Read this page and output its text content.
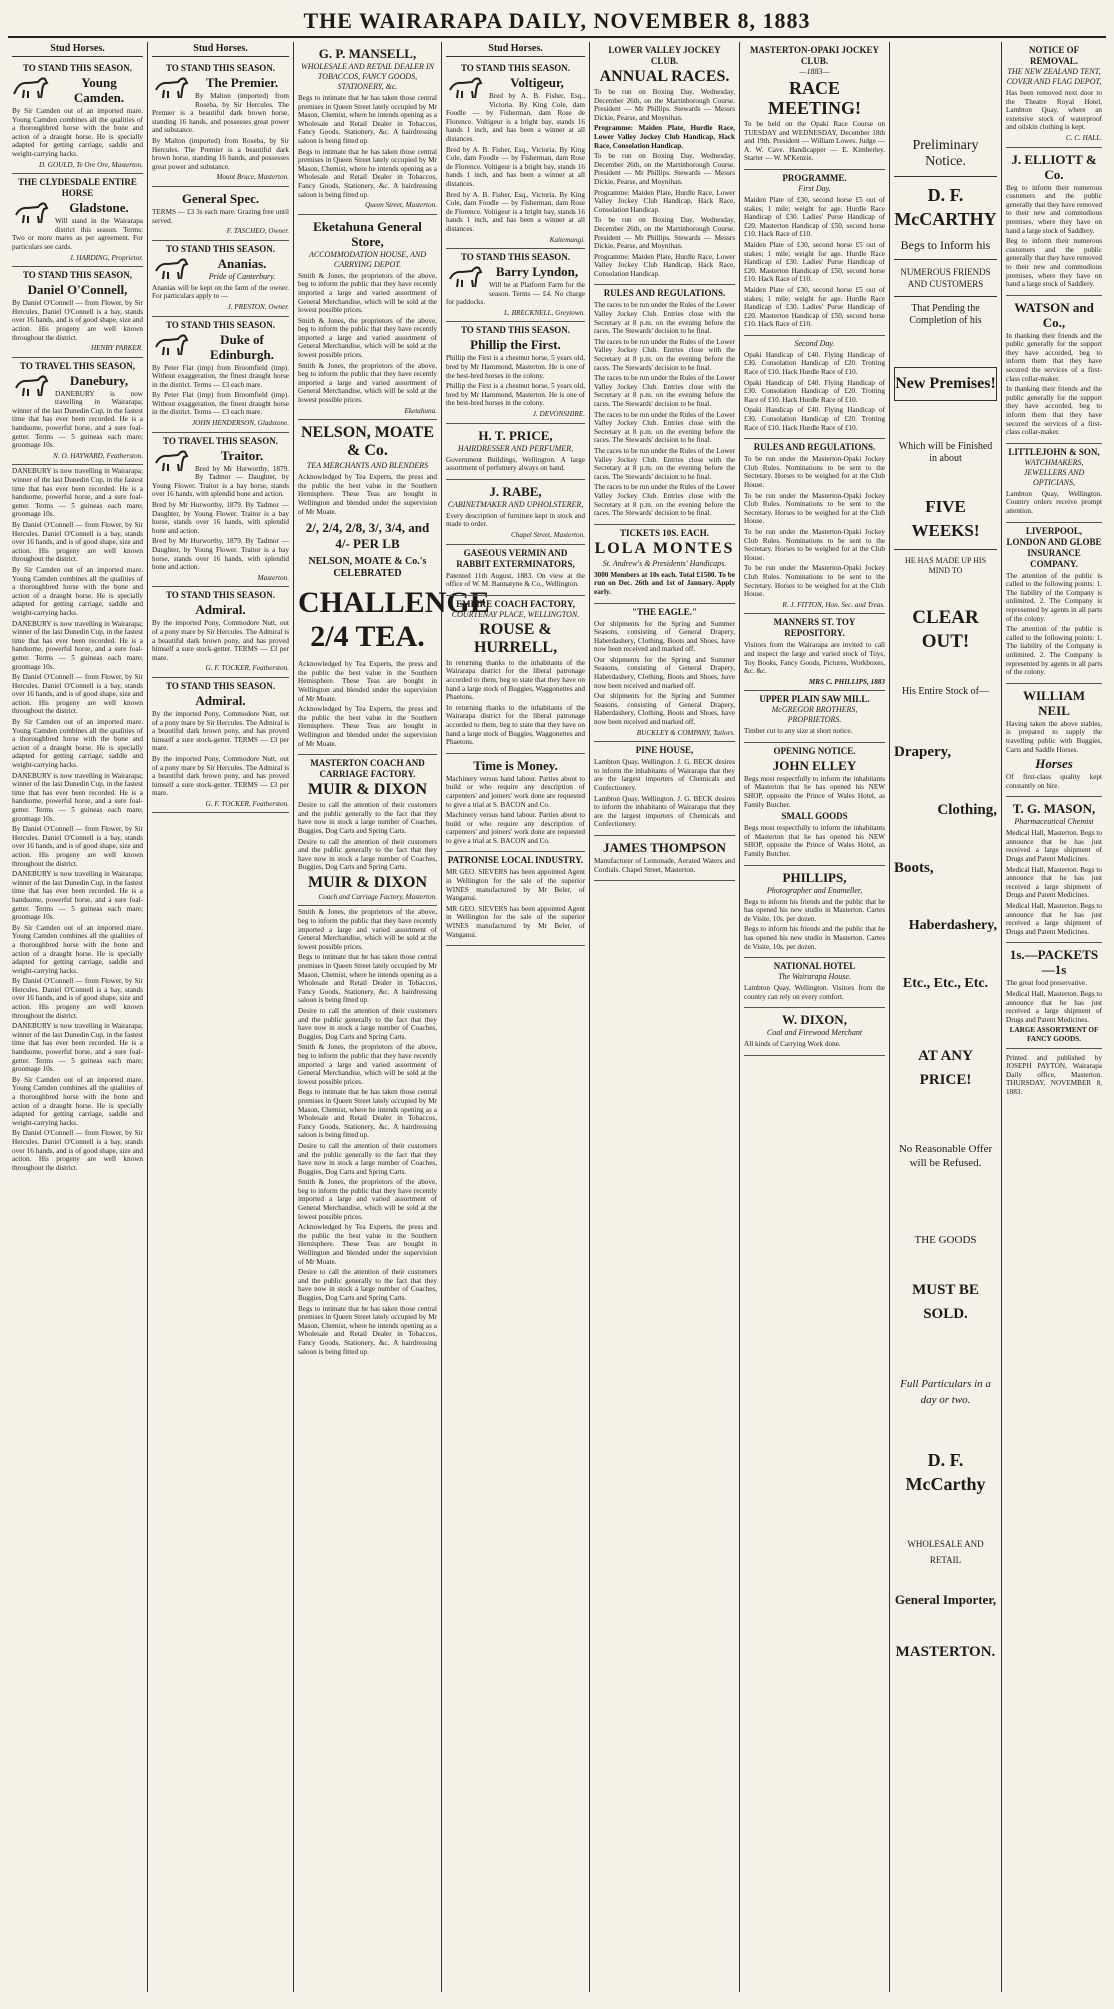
THE WAIRARAPA DAILY, NOVEMBER 8, 1883
Stud Horses.
TO STAND THIS SEASON.
Young Camden.

By Sir Camden out of an imported mare. Young Camden combines all the qualities of a thoroughbred horse with the bone and action of a draught horse. He is specially adapted for getting carriage, saddle and weight-carrying hacks.

D. GOULD, Te Ore Ore, Masterton.
THE CLYDESDALE ENTIRE HORSE
Gladstone.

Will stand in the Wairarapa district this season. Terms: Two or more mares as per agreement. For particulars see cards.

J. HARDING, Proprietor.
TO STAND THIS SEASON,
Daniel O'Connell,

By Daniel O'Connell — from Flower, by Sir Hercules. Daniel O'Connell is a bay, stands over 16 hands, and is of good shape, size and action. His progeny are well known throughout the district.

HENRY PARKER.
TO TRAVEL THIS SEASON,
Danebury,

DANEBURY is now travelling in Wairarapa; winner of the last Dunedin Cup, in the fastest time that has ever been recorded. He is a handsome, powerful horse, and a sure foal-getter. Terms — 5 guineas each mare; groomage 10s.

N. O. HAYWARD, Featherston.

DANEBURY is now travelling in Wairarapa; winner of the last Dunedin Cup, in the fastest time that has ever been recorded. He is a handsome, powerful horse, and a sure foal-getter. Terms — 5 guineas each mare; groomage 10s.

By Daniel O'Connell — from Flower, by Sir Hercules. Daniel O'Connell is a bay, stands over 16 hands, and is of good shape, size and action. His progeny are well known throughout the district.

By Sir Camden out of an imported mare. Young Camden combines all the qualities of a thoroughbred horse with the bone and action of a draught horse. He is specially adapted for getting carriage, saddle and weight-carrying hacks.

DANEBURY is now travelling in Wairarapa; winner of the last Dunedin Cup, in the fastest time that has ever been recorded. He is a handsome, powerful horse, and a sure foal-getter. Terms — 5 guineas each mare; groomage 10s.

By Daniel O'Connell — from Flower, by Sir Hercules. Daniel O'Connell is a bay, stands over 16 hands, and is of good shape, size and action. His progeny are well known throughout the district.

By Sir Camden out of an imported mare. Young Camden combines all the qualities of a thoroughbred horse with the bone and action of a draught horse. He is specially adapted for getting carriage, saddle and weight-carrying hacks.

DANEBURY is now travelling in Wairarapa; winner of the last Dunedin Cup, in the fastest time that has ever been recorded. He is a handsome, powerful horse, and a sure foal-getter. Terms — 5 guineas each mare; groomage 10s.

By Daniel O'Connell — from Flower, by Sir Hercules. Daniel O'Connell is a bay, stands over 16 hands, and is of good shape, size and action. His progeny are well known throughout the district.

DANEBURY is now travelling in Wairarapa; winner of the last Dunedin Cup, in the fastest time that has ever been recorded. He is a handsome, powerful horse, and a sure foal-getter. Terms — 5 guineas each mare; groomage 10s.

By Sir Camden out of an imported mare. Young Camden combines all the qualities of a thoroughbred horse with the bone and action of a draught horse. He is specially adapted for getting carriage, saddle and weight-carrying hacks.

By Daniel O'Connell — from Flower, by Sir Hercules. Daniel O'Connell is a bay, stands over 16 hands, and is of good shape, size and action. His progeny are well known throughout the district.

DANEBURY is now travelling in Wairarapa; winner of the last Dunedin Cup, in the fastest time that has ever been recorded. He is a handsome, powerful horse, and a sure foal-getter. Terms — 5 guineas each mare; groomage 10s.

By Sir Camden out of an imported mare. Young Camden combines all the qualities of a thoroughbred horse with the bone and action of a draught horse. He is specially adapted for getting carriage, saddle and weight-carrying hacks.

By Daniel O'Connell — from Flower, by Sir Hercules. Daniel O'Connell is a bay, stands over 16 hands, and is of good shape, size and action. His progeny are well known throughout the district.

Stud Horses.
TO STAND THIS SEASON.
The Premier.

By Malton (imported) from Roseba, by Sir Hercules. The Premier is a beautiful dark brown horse, standing 16 hands, and possesses great power and substance.

By Malton (imported) from Roseba, by Sir Hercules. The Premier is a beautiful dark brown horse, standing 16 hands, and possesses great power and substance.

Mount Bruce, Masterton.
General Spec.

TERMS — £3 3s each mare. Grazing free until served.

F. TASCHEO, Owner.
TO STAND THIS SEASON.
Ananias.
Pride of Canterbury.

Ananias will be kept on the farm of the owner. For particulars apply to —

J. PRESTON, Owner.
TO STAND THIS SEASON.
Duke of Edinburgh.

By Peter Flat (imp) from Broomfield (imp). Without exaggeration, the finest draught horse in the district. Terms — £3 each mare.

By Peter Flat (imp) from Broomfield (imp). Without exaggeration, the finest draught horse in the district. Terms — £3 each mare.

JOHN HENDERSON, Gladstone.
TO TRAVEL THIS SEASON.
Traitor.

Bred by Mr Hurworthy, 1879. By Tadmor — Daughter, by Young Flower. Traitor is a bay horse, stands over 16 hands, with splendid bone and action.

Bred by Mr Hurworthy, 1879. By Tadmor — Daughter, by Young Flower. Traitor is a bay horse, stands over 16 hands, with splendid bone and action.

Bred by Mr Hurworthy, 1879. By Tadmor — Daughter, by Young Flower. Traitor is a bay horse, stands over 16 hands, with splendid bone and action.

Masterton.
TO STAND THIS SEASON.
Admiral.

By the imported Pony, Commodore Nutt, out of a pony mare by Sir Hercules. The Admiral is a beautiful dark brown pony, and has proved himself a sure stock-getter. TERMS — £3 per mare.

G. F. TOCKER, Featherston.
TO STAND THIS SEASON.
Admiral.

By the imported Pony, Commodore Nutt, out of a pony mare by Sir Hercules. The Admiral is a beautiful dark brown pony, and has proved himself a sure stock-getter. TERMS — £3 per mare.

By the imported Pony, Commodore Nutt, out of a pony mare by Sir Hercules. The Admiral is a beautiful dark brown pony, and has proved himself a sure stock-getter. TERMS — £3 per mare.

G. F. TOCKER, Featherston.
G. P. MANSELL,
WHOLESALE AND RETAIL DEALER IN TOBACCOS, FANCY GOODS, STATIONERY, &c.

Begs to intimate that he has taken those central premises in Queen Street lately occupied by Mr Mason, Chemist, where he intends opening as a Wholesale and Retail Dealer in Tobaccos, Fancy Goods, Stationery, &c. A hairdressing saloon is being fitted up.

Begs to intimate that he has taken those central premises in Queen Street lately occupied by Mr Mason, Chemist, where he intends opening as a Wholesale and Retail Dealer in Tobaccos, Fancy Goods, Stationery, &c. A hairdressing saloon is being fitted up.

Queen Street, Masterton.
Eketahuna General Store,
ACCOMMODATION HOUSE, AND CARRYING DEPOT.

Smith & Jones, the proprietors of the above, beg to inform the public that they have recently imported a large and varied assortment of General Merchandise, which will be sold at the lowest possible prices.

Smith & Jones, the proprietors of the above, beg to inform the public that they have recently imported a large and varied assortment of General Merchandise, which will be sold at the lowest possible prices.

Smith & Jones, the proprietors of the above, beg to inform the public that they have recently imported a large and varied assortment of General Merchandise, which will be sold at the lowest possible prices.

Eketahuna.
NELSON, MOATE & Co.
TEA MERCHANTS AND BLENDERS

Acknowledged by Tea Experts, the press and the public the best value in the Southern Hemisphere. These Teas are bought in Wellington and blended under the supervision of Mr Moate.

2/, 2/4, 2/8, 3/, 3/4, and 4/- PER LB
NELSON, MOATE & Co.'s CELEBRATED
CHALLENGE 2/4 TEA.

Acknowledged by Tea Experts, the press and the public the best value in the Southern Hemisphere. These Teas are bought in Wellington and blended under the supervision of Mr Moate.

Acknowledged by Tea Experts, the press and the public the best value in the Southern Hemisphere. These Teas are bought in Wellington and blended under the supervision of Mr Moate.

MASTERTON COACH AND CARRIAGE FACTORY.
MUIR & DIXON

Desire to call the attention of their customers and the public generally to the fact that they have now in stock a large number of Coaches, Buggies, Dog Carts and Spring Carts.

Desire to call the attention of their customers and the public generally to the fact that they have now in stock a large number of Coaches, Buggies, Dog Carts and Spring Carts.

MUIR & DIXON
Coach and Carriage Factory, Masterton.

Smith & Jones, the proprietors of the above, beg to inform the public that they have recently imported a large and varied assortment of General Merchandise, which will be sold at the lowest possible prices.

Begs to intimate that he has taken those central premises in Queen Street lately occupied by Mr Mason, Chemist, where he intends opening as a Wholesale and Retail Dealer in Tobaccos, Fancy Goods, Stationery, &c. A hairdressing saloon is being fitted up.

Desire to call the attention of their customers and the public generally to the fact that they have now in stock a large number of Coaches, Buggies, Dog Carts and Spring Carts.

Smith & Jones, the proprietors of the above, beg to inform the public that they have recently imported a large and varied assortment of General Merchandise, which will be sold at the lowest possible prices.

Begs to intimate that he has taken those central premises in Queen Street lately occupied by Mr Mason, Chemist, where he intends opening as a Wholesale and Retail Dealer in Tobaccos, Fancy Goods, Stationery, &c. A hairdressing saloon is being fitted up.

Desire to call the attention of their customers and the public generally to the fact that they have now in stock a large number of Coaches, Buggies, Dog Carts and Spring Carts.

Smith & Jones, the proprietors of the above, beg to inform the public that they have recently imported a large and varied assortment of General Merchandise, which will be sold at the lowest possible prices.

Acknowledged by Tea Experts, the press and the public the best value in the Southern Hemisphere. These Teas are bought in Wellington and blended under the supervision of Mr Moate.

Desire to call the attention of their customers and the public generally to the fact that they have now in stock a large number of Coaches, Buggies, Dog Carts and Spring Carts.

Begs to intimate that he has taken those central premises in Queen Street lately occupied by Mr Mason, Chemist, where he intends opening as a Wholesale and Retail Dealer in Tobaccos, Fancy Goods, Stationery, &c. A hairdressing saloon is being fitted up.

Stud Horses.
TO STAND THIS SEASON.
Voltigeur,

Bred by A. B. Fisher, Esq., Victoria. By King Cole, dam Foodle — by Fisherman, dam Rose de Florence. Voltigeur is a bright bay, stands 16 hands 1 inch, and has been a winner at all distances.

Bred by A. B. Fisher, Esq., Victoria. By King Cole, dam Foodle — by Fisherman, dam Rose de Florence. Voltigeur is a bright bay, stands 16 hands 1 inch, and has been a winner at all distances.

Bred by A. B. Fisher, Esq., Victoria. By King Cole, dam Foodle — by Fisherman, dam Rose de Florence. Voltigeur is a bright bay, stands 16 hands 1 inch, and has been a winner at all distances.

Kaitemangi.
TO STAND THIS SEASON.
Barry Lyndon,

Will be at Platform Farm for the season. Terms — £4. No charge for paddocks.

L. BRECKNELL, Greytown.
TO STAND THIS SEASON.
Phillip the First.

Phillip the First is a chestnut horse, 5 years old, bred by Mr Hammond, Masterton. He is one of the best-bred horses in the colony.

Phillip the First is a chestnut horse, 5 years old, bred by Mr Hammond, Masterton. He is one of the best-bred horses in the colony.

J. DEVONSHIRE.
H. T. PRICE,
HAIRDRESSER AND PERFUMER,

Government Buildings, Wellington. A large assortment of perfumery always on hand.

J. RABE,
CABINETMAKER AND UPHOLSTERER,

Every description of furniture kept in stock and made to order.

Chapel Street, Masterton.
GASEOUS VERMIN AND RABBIT EXTERMINATORS,

Patented 11th August, 1883. On view at the office of W. M. Bannatyne & Co., Wellington.

EMPIRE COACH FACTORY,
COURTENAY PLACE, WELLINGTON.
ROUSE & HURRELL,

In returning thanks to the inhabitants of the Wairarapa district for the liberal patronage accorded to them, beg to state that they have on hand a large stock of Buggies, Waggonettes and Phaetons.

In returning thanks to the inhabitants of the Wairarapa district for the liberal patronage accorded to them, beg to state that they have on hand a large stock of Buggies, Waggonettes and Phaetons.

Time is Money.

Machinery versus hand labour. Parties about to build or who require any description of carpenters' and joiners' work done are requested to give a trial at S. BACON and Co.

Machinery versus hand labour. Parties about to build or who require any description of carpenters' and joiners' work done are requested to give a trial at S. BACON and Co.

PATRONISE LOCAL INDUSTRY.

MR GEO. SIEVERS has been appointed Agent in Wellington for the sale of the superior WINES manufactured by Mr Beler, of Wanganui.

MR GEO. SIEVERS has been appointed Agent in Wellington for the sale of the superior WINES manufactured by Mr Beler, of Wanganui.

LOWER VALLEY JOCKEY CLUB.
ANNUAL RACES.

To be run on Boxing Day, Wednesday, December 26th, on the Martinborough Course. President — Mr Phillips. Stewards — Messrs Dickie, Pearse, and Moynihan.

Programme: Maiden Plate, Hurdle Race, Lower Valley Jockey Club Handicap, Hack Race, Consolation Handicap.

To be run on Boxing Day, Wednesday, December 26th, on the Martinborough Course. President — Mr Phillips. Stewards — Messrs Dickie, Pearse, and Moynihan.

Programme: Maiden Plate, Hurdle Race, Lower Valley Jockey Club Handicap, Hack Race, Consolation Handicap.

To be run on Boxing Day, Wednesday, December 26th, on the Martinborough Course. President — Mr Phillips. Stewards — Messrs Dickie, Pearse, and Moynihan.

Programme: Maiden Plate, Hurdle Race, Lower Valley Jockey Club Handicap, Hack Race, Consolation Handicap.

RULES AND REGULATIONS.

The races to be run under the Rules of the Lower Valley Jockey Club. Entries close with the Secretary at 8 p.m. on the evening before the races. The Stewards' decision to be final.

The races to be run under the Rules of the Lower Valley Jockey Club. Entries close with the Secretary at 8 p.m. on the evening before the races. The Stewards' decision to be final.

The races to be run under the Rules of the Lower Valley Jockey Club. Entries close with the Secretary at 8 p.m. on the evening before the races. The Stewards' decision to be final.

The races to be run under the Rules of the Lower Valley Jockey Club. Entries close with the Secretary at 8 p.m. on the evening before the races. The Stewards' decision to be final.

The races to be run under the Rules of the Lower Valley Jockey Club. Entries close with the Secretary at 8 p.m. on the evening before the races. The Stewards' decision to be final.

The races to be run under the Rules of the Lower Valley Jockey Club. Entries close with the Secretary at 8 p.m. on the evening before the races. The Stewards' decision to be final.

TICKETS 10S. EACH.
LOLA MONTES
St. Andrew's & Presidents' Handicaps.

3000 Members at 10s each. Total £1500. To be run on Dec. 26th and 1st of January. Apply early.

"THE EAGLE."

Our shipments for the Spring and Summer Seasons, consisting of General Drapery, Haberdashery, Clothing, Boots and Shoes, have now been received and marked off.

Our shipments for the Spring and Summer Seasons, consisting of General Drapery, Haberdashery, Clothing, Boots and Shoes, have now been received and marked off.

Our shipments for the Spring and Summer Seasons, consisting of General Drapery, Haberdashery, Clothing, Boots and Shoes, have now been received and marked off.

BUCKLEY & COMPANY, Tailors.
PINE HOUSE,

Lambton Quay, Wellington. J. G. BECK desires to inform the inhabitants of Wairarapa that they are the largest importers of Chemicals and Confectionery.

Lambton Quay, Wellington. J. G. BECK desires to inform the inhabitants of Wairarapa that they are the largest importers of Chemicals and Confectionery.

JAMES THOMPSON

Manufacturer of Lemonade, Aerated Waters and Cordials. Chapel Street, Masterton.

MASTERTON-OPAKI JOCKEY CLUB.
—1883—
RACE MEETING!

To be held on the Opaki Race Course on TUESDAY and WEDNESDAY, December 18th and 19th. President — William Lowes. Judge — A. W. Cave. Handicapper — E. Kimberley. Starter — W. M'Kenzie.

PROGRAMME.
First Day.

Maiden Plate of £30, second horse £5 out of stakes; 1 mile; weight for age. Hurdle Race Handicap of £30. Ladies' Purse Handicap of £20. Masterton Handicap of £50, second horse £10. Hack Race of £10.

Maiden Plate of £30, second horse £5 out of stakes; 1 mile; weight for age. Hurdle Race Handicap of £30. Ladies' Purse Handicap of £20. Masterton Handicap of £50, second horse £10. Hack Race of £10.

Maiden Plate of £30, second horse £5 out of stakes; 1 mile; weight for age. Hurdle Race Handicap of £30. Ladies' Purse Handicap of £20. Masterton Handicap of £50, second horse £10. Hack Race of £10.

Second Day.

Opaki Handicap of £40. Flying Handicap of £30. Consolation Handicap of £20. Trotting Race of £10. Hack Hurdle Race of £10.

Opaki Handicap of £40. Flying Handicap of £30. Consolation Handicap of £20. Trotting Race of £10. Hack Hurdle Race of £10.

Opaki Handicap of £40. Flying Handicap of £30. Consolation Handicap of £20. Trotting Race of £10. Hack Hurdle Race of £10.

RULES AND REGULATIONS.

To be run under the Masterton-Opaki Jockey Club Rules. Nominations to be sent to the Secretary. Horses to be weighed for at the Club House.

To be run under the Masterton-Opaki Jockey Club Rules. Nominations to be sent to the Secretary. Horses to be weighed for at the Club House.

To be run under the Masterton-Opaki Jockey Club Rules. Nominations to be sent to the Secretary. Horses to be weighed for at the Club House.

To be run under the Masterton-Opaki Jockey Club Rules. Nominations to be sent to the Secretary. Horses to be weighed for at the Club House.

R. J. FITTON, Hon. Sec. and Treas.
MANNERS ST. TOY REPOSITORY.

Visitors from the Wairarapa are invited to call and inspect the large and varied stock of Toys, Toy Books, Fancy Goods, Pictures, Workboxes, &c. &c.

MRS C. PHILLIPS, 1883
UPPER PLAIN SAW MILL.
McGREGOR BROTHERS, PROPRIETORS.

Timber cut to any size at short notice.

OPENING NOTICE.
JOHN ELLEY

Begs most respectfully to inform the inhabitants of Masterton that he has opened his NEW SHOP, opposite the Prince of Wales Hotel, as Family Butcher.

SMALL GOODS

Begs most respectfully to inform the inhabitants of Masterton that he has opened his NEW SHOP, opposite the Prince of Wales Hotel, as Family Butcher.

PHILLIPS,
Photographer and Enameller,

Begs to inform his friends and the public that he has opened his new studio in Masterton. Cartes de Visite, 10s. per dozen.

Begs to inform his friends and the public that he has opened his new studio in Masterton. Cartes de Visite, 10s. per dozen.

NATIONAL HOTEL
The Wairarapa House.

Lambton Quay, Wellington. Visitors from the country can rely on every comfort.

W. DIXON,
Coal and Firewood Merchant

All kinds of Carrying Work done.

Preliminary Notice.
D. F. McCARTHY
Begs to Inform his
NUMEROUS FRIENDS AND CUSTOMERS
That Pending the Completion of his
New Premises!
Which will be Finished in about
FIVE WEEKS!
HE HAS MADE UP HIS MIND TO
CLEAR OUT!
His Entire Stock of—
Drapery,
Clothing,
Boots,
Haberdashery,
Etc., Etc., Etc.
AT ANY PRICE!
No Reasonable Offer will be Refused.
THE GOODS
MUST BE SOLD.
Full Particulars in a day or two.
D. F. McCarthy
WHOLESALE AND RETAIL
General Importer,
MASTERTON.
NOTICE OF REMOVAL.
THE NEW ZEALAND TENT, COVER AND FLAG DEPOT,

Has been removed next door to the Theatre Royal Hotel, Lambton Quay, where an extensive stock of waterproof and oilskin clothing is kept.

C. C. HALL.
J. ELLIOTT & Co.

Beg to inform their numerous customers and the public generally that they have removed to their new and commodious premises, where they have on hand a large stock of Saddlery.

Beg to inform their numerous customers and the public generally that they have removed to their new and commodious premises, where they have on hand a large stock of Saddlery.

WATSON and Co.,

In thanking their friends and the public generally for the support they have accorded, beg to inform them that they have secured the services of a first-class collar-maker.

In thanking their friends and the public generally for the support they have accorded, beg to inform them that they have secured the services of a first-class collar-maker.

LITTLEJOHN & SON,
WATCHMAKERS, JEWELLERS AND OPTICIANS,

Lambton Quay, Wellington. Country orders receive prompt attention.

LIVERPOOL, LONDON AND GLOBE INSURANCE COMPANY.

The attention of the public is called to the following points: 1. The liability of the Company is unlimited. 2. The Company is represented by agents in all parts of the colony.

The attention of the public is called to the following points: 1. The liability of the Company is unlimited. 2. The Company is represented by agents in all parts of the colony.

WILLIAM NEIL

Having taken the above stables, is prepared to supply the travelling public with Buggies, Carts and Saddle Horses.

Horses

Of first-class quality kept constantly on hire.

T. G. MASON,
Pharmaceutical Chemist

Medical Hall, Masterton. Begs to announce that he has just received a large shipment of Drugs and Patent Medicines.

Medical Hall, Masterton. Begs to announce that he has just received a large shipment of Drugs and Patent Medicines.

Medical Hall, Masterton. Begs to announce that he has just received a large shipment of Drugs and Patent Medicines.

1s.—PACKETS—1s

The great food preservative.

Medical Hall, Masterton. Begs to announce that he has just received a large shipment of Drugs and Patent Medicines.

LARGE ASSORTMENT OF FANCY GOODS.

Printed and published by JOSEPH PAYTON, Wairarapa Daily office, Masterton. THURSDAY, NOVEMBER 8, 1883.
